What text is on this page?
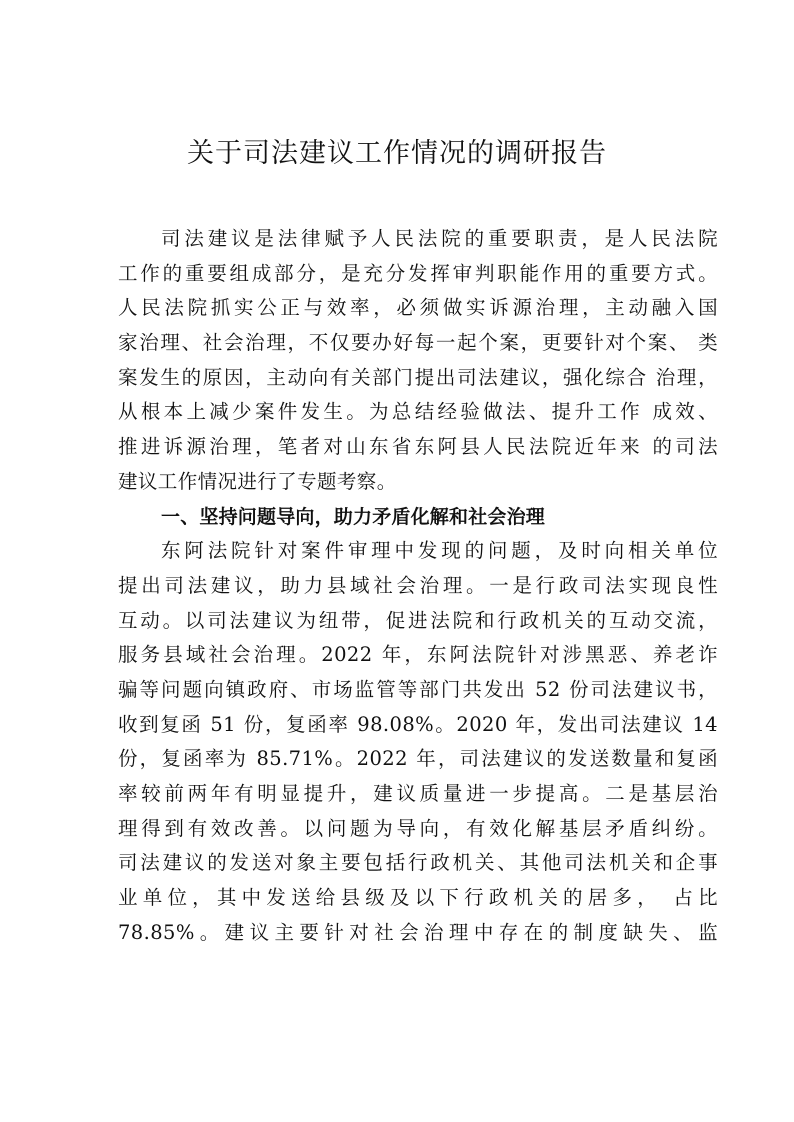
关于司法建议工作情况的调研报告
司法建议是法律赋予人民法院的重要职责，是人民法院
工作的重要组成部分，是充分发挥审判职能作用的重要方式。
人民法院抓实公正与效率，必须做实诉源治理，主动融入国
家治理、社会治理，不仅要办好每一起个案，更要针对个案、 类
案发生的原因，主动向有关部门提出司法建议，强化综合 治理，
从根本上减少案件发生。为总结经验做法、提升工作 成效、
推进诉源治理，笔者对山东省东阿县人民法院近年来 的司法
建议工作情况进行了专题考察。
一、坚持问题导向，助力矛盾化解和社会治理
东阿法院针对案件审理中发现的问题，及时向相关单位
提出司法建议，助力县域社会治理。一是行政司法实现良性
互动。以司法建议为纽带，促进法院和行政机关的互动交流，
服务县域社会治理。2022 年，东阿法院针对涉黑恶、养老诈
骗等问题向镇政府、市场监管等部门共发出 52 份司法建议书，
收到复函 51 份，复函率 98.08%。2020 年，发出司法建议 14
份，复函率为 85.71%。2022 年，司法建议的发送数量和复函
率较前两年有明显提升，建议质量进一步提高。二是基层治
理得到有效改善。以问题为导向，有效化解基层矛盾纠纷。
司法建议的发送对象主要包括行政机关、其他司法机关和企事
业单位，其中发送给县级及以下行政机关的居多， 占比
78.85%。建议主要针对社会治理中存在的制度缺失、监
